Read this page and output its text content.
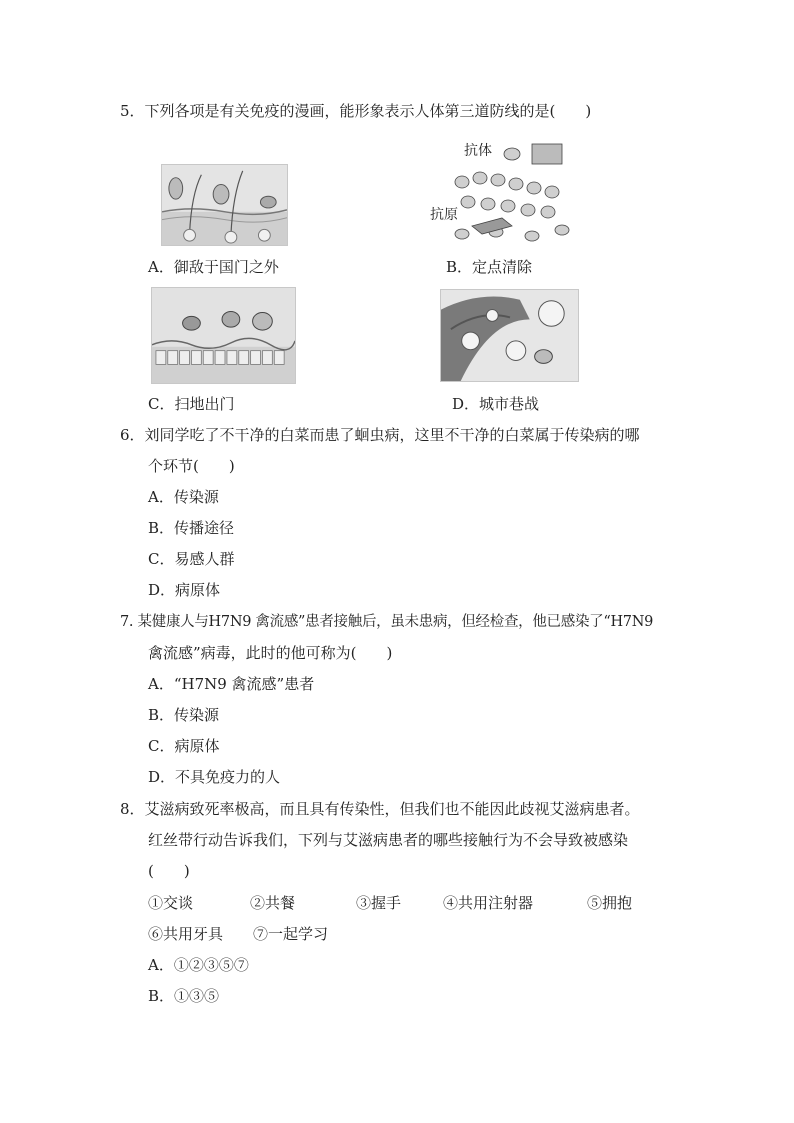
5．下列各项是有关免疫的漫画，能形象表示人体第三道防线的是(　　)
抗体
抗原
A．御敌于国门之外	B．定点清除
C．扫地出门	D．城市巷战
6．刘同学吃了不干净的白菜而患了蛔虫病，这里不干净的白菜属于传染病的哪
个环节(　　)
A．传染源
B．传播途径
C．易感人群
D．病原体
7. 某健康人与H7N9 禽流感”患者接触后，虽未患病，但经检查，他已感染了“H7N9
禽流感”病毒，此时的他可称为(　　)
A．“H7N9 禽流感”患者
B．传染源
C．病原体
D．不具免疫力的人
8．艾滋病致死率极高，而且具有传染性，但我们也不能因此歧视艾滋病患者。
红丝带行动告诉我们，下列与艾滋病患者的哪些接触行为不会导致被感染
(　　)
①交谈	②共餐	③握手	④共用注射器	⑤拥抱
⑥共用牙具 ⑦一起学习
A．①②③⑤⑦
B．①③⑤
